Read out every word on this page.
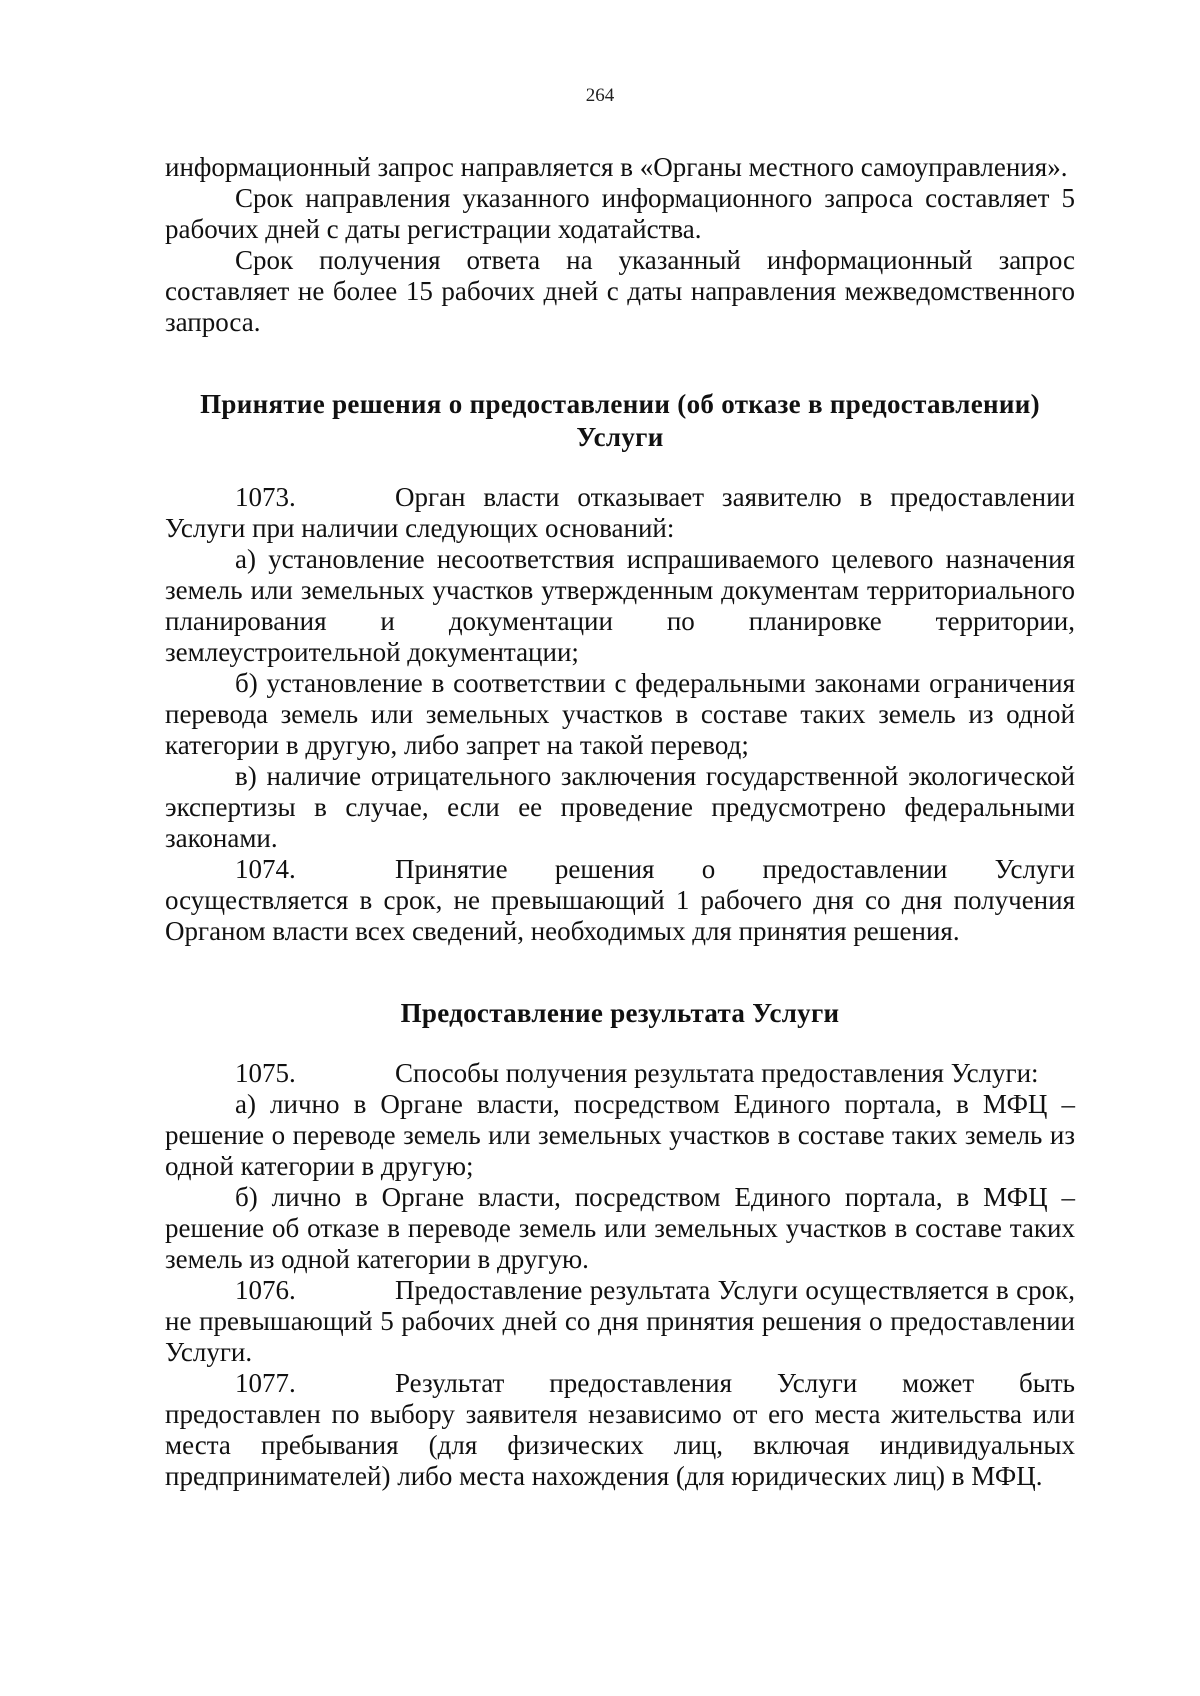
264

информационный запрос направляется в «Органы местного самоуправления».

Срок направления указанного информационного запроса составляет 5 рабочих дней с даты регистрации ходатайства.

Срок получения ответа на указанный информационный запрос составляет не более 15 рабочих дней с даты направления межведомственного запроса.

Принятие решения о предоставлении (об отказе в предоставлении) Услуги

1073.	Орган власти отказывает заявителю в предоставлении Услуги при наличии следующих оснований:

а) установление несоответствия испрашиваемого целевого назначения земель или земельных участков утвержденным документам территориального планирования и документации по планировке территории, землеустроительной документации;

б) установление в соответствии с федеральными законами ограничения перевода земель или земельных участков в составе таких земель из одной категории в другую, либо запрет на такой перевод;

в) наличие отрицательного заключения государственной экологической экспертизы в случае, если ее проведение предусмотрено федеральными законами.

1074.	Принятие решения о предоставлении Услуги осуществляется в срок, не превышающий 1 рабочего дня со дня получения Органом власти всех сведений, необходимых для принятия решения.

Предоставление результата Услуги

1075.	Способы получения результата предоставления Услуги:

а) лично в Органе власти, посредством Единого портала, в МФЦ – решение о переводе земель или земельных участков в составе таких земель из одной категории в другую;

б) лично в Органе власти, посредством Единого портала, в МФЦ – решение об отказе в переводе земель или земельных участков в составе таких земель из одной категории в другую.

1076.	Предоставление результата Услуги осуществляется в срок, не превышающий 5 рабочих дней со дня принятия решения о предоставлении Услуги.

1077.	Результат предоставления Услуги может быть предоставлен по выбору заявителя независимо от его места жительства или места пребывания (для физических лиц, включая индивидуальных предпринимателей) либо места нахождения (для юридических лиц) в МФЦ.
